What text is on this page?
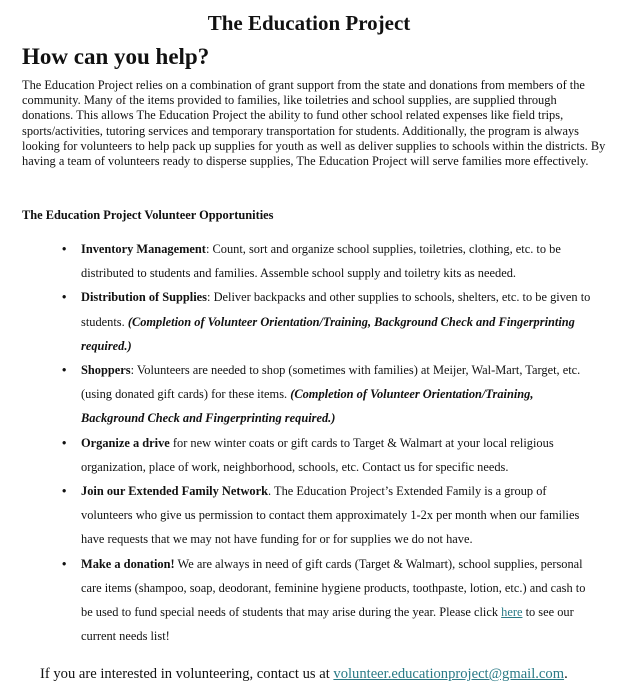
The Education Project
How can you help?
The Education Project relies on a combination of grant support from the state and donations from members of the community. Many of the items provided to families, like toiletries and school supplies, are supplied through donations. This allows The Education Project the ability to fund other school related expenses like field trips, sports/activities, tutoring services and temporary transportation for students. Additionally, the program is always looking for volunteers to help pack up supplies for youth as well as deliver supplies to schools within the districts. By having a team of volunteers ready to disperse supplies, The Education Project will serve families more effectively.
The Education Project Volunteer Opportunities
• Inventory Management: Count, sort and organize school supplies, toiletries, clothing, etc. to be distributed to students and families. Assemble school supply and toiletry kits as needed.
• Distribution of Supplies: Deliver backpacks and other supplies to schools, shelters, etc. to be given to students. (Completion of Volunteer Orientation/Training, Background Check and Fingerprinting required.)
• Shoppers: Volunteers are needed to shop (sometimes with families) at Meijer, Wal-Mart, Target, etc. (using donated gift cards) for these items. (Completion of Volunteer Orientation/Training, Background Check and Fingerprinting required.)
• Organize a drive for new winter coats or gift cards to Target & Walmart at your local religious organization, place of work, neighborhood, schools, etc. Contact us for specific needs.
• Join our Extended Family Network. The Education Project’s Extended Family is a group of volunteers who give us permission to contact them approximately 1-2x per month when our families have requests that we may not have funding for or for supplies we do not have.
• Make a donation! We are always in need of gift cards (Target & Walmart), school supplies, personal care items (shampoo, soap, deodorant, feminine hygiene products, toothpaste, lotion, etc.) and cash to be used to fund special needs of students that may arise during the year. Please click here to see our current needs list!
If you are interested in volunteering, contact us at volunteer.educationproject@gmail.com.
